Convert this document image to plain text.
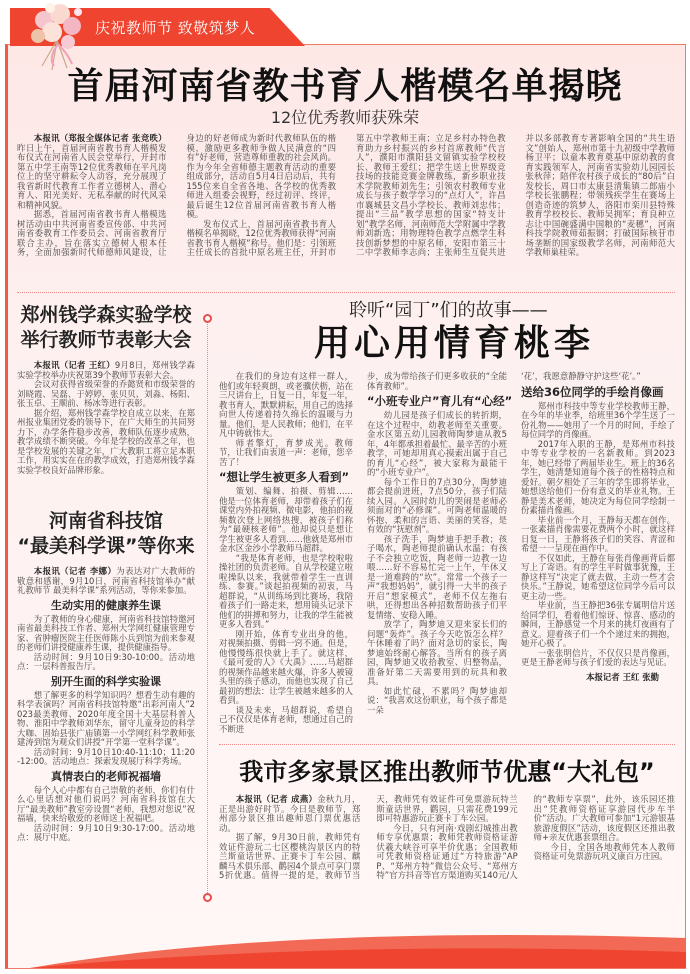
庆祝教师节 致敬筑梦人
首届河南省教书育人楷模名单揭晓
12位优秀教师获殊荣

本报讯（郑报全媒体记者 张竞昳）昨日上午，首届河南省教书育人楷模发布仪式在河南省人民会堂举行，开封市第五中学王南等12位优秀教师在平凡岗位上的坚守耕耘令人动容，充分展现了我省新时代教育工作者立德树人、潜心育人、阳光美好、无私奉献的时代风采和精神风貌。

据悉，首届河南省教书育人楷模选树活动由中共河南省委宣传部、中共河南省委教育工作委员会、河南省教育厅联合主办，旨在落实立德树人根本任务，全面加强新时代师德师风建设，让身边的好老师成为新时代教师队伍的楷模，激励更多教师争做人民满意的“四有”好老师，营造尊师重教的社会风尚。作为今年全省师德主题教育活动的重要组成部分，活动自5月4日启动后，共有155位来自全省各地、各学校的优秀教师进入组委会视野，经过初评、终评，最后诞生12位首届河南省教书育人楷模。

发布仪式上，首届河南省教书育人楷模名单揭晓，12位优秀教师获得“河南省教书育人楷模”称号。他们是：引领班主任成长的首批中原名班主任，开封市第五中学教师王南；立足乡村办特色教育助力乡村振兴的乡村首席教师“代言人”，濮阳市濮阳县文留镇实验学校校长、教师王爱红；把学生送上世界级竞技场的技能竞赛金牌教练，新乡职业技术学院教师刘先生；引领农村教师专业成长与孩子数学学习的“点灯人”，许昌市襄城县文昌小学校长、教师刘忠伟；提出“三品”教学思想的国家“特支计划”教学名师，河南师范大学附属中学教师刘新选；用物理特色教学点燃学生科技创新梦想的中原名师，安阳市第三十二中学教师李志尚；主张师生互促共进并以多部教育专著影响全国的“共生语文”创始人，郑州市第十九初级中学教师杨卫平；以童本教育奠基中原幼教的食育实践领军人，河南省实验幼儿园园长张秋萍；陪伴农村孩子成长的“80后”白发校长，周口市太康县清集镇二郎庙小学校长张鹏程；带领残疾学生在赛场上创造奇迹的筑梦人，洛阳市栾川县特殊教育学校校长、教师吴拥军；育良种立志让中国碗盛满中国粮的“麦穗”，河南科技学院教师茹振钢；打破国际核苷市场垄断的国家级教学名师，河南师范大学教师巢桂荣。

郑州钱学森实验学校
举行教师节表彰大会

本报讯（记者 王红）9月8日，郑州钱学森实验学校举办庆祝第39个教师节表彰大会。

会议对获得省级荣誉的乔懿贤和市级荣誉的刘晓霞、吴磊、于婷婷、张贝贝、刘淼、杨阳、张玉卓、王顺前、杨冰等进行表彰。

据介绍，郑州钱学森学校自成立以来，在郑州报业集团党委的领导下，在广大师生的共同努力下，办学条件稳步改善，教师队伍逐步成熟，教学成绩不断突破。今年是学校的改革之年，也是学校发展的关键之年，广大教职工将立足本职工作，用实实在在的教学成效，打造郑州钱学森实验学校良好品牌形象。

河南省科技馆
“最美科学课”等你来

本报讯（记者 李娜）为表达对广大教师的敬意和感谢，9月10日，河南省科技馆举办“献礼教师节 最美科学课”系列活动，等你来参加。

生动实用的健康养生课

为了教师的身心健康，河南省科技馆特邀河南省最美科技工作者、郑州大学网红健康管理专家、省肿瘤医院主任医师陈小兵到馆为前来参观的老师们讲授健康养生课，提供健康指导。

活动时间：9月10日9:30-10:00。活动地点：一层科普报告厅。

别开生面的科学实验课

想了解更多的科学知识吗？想看生动有趣的科学表演吗？河南省科技馆特邀“出彩河南人”2023最美教师、2020年度全国十大基层科普人物、淮阳中学教师刘华东，留守儿童身边的科学大咖、固始县张广庙镇第一小学网红科学教师张建涛到馆为观众们讲授“开学第一堂科学课”。

活动时间：9月10日10:40-11:10；11:20-12:00。活动地点：探索发现展厅科学秀场。

真情表白的老师祝福墙

每个人心中都有自己崇敬的老师，你们有什么心里话想对他们说吗？河南省科技馆在大厅“最美教师”教室旁设置“老师，我想对您说”祝福墙，快来给敬爱的老师送上祝福吧。

活动时间：9月10日9:30-17:00。活动地点：展厅中庭。

聆听“园丁”们的故事——
用心用情育桃李

在我们的身边有这样一群人，他们或年轻爽朗，或老骥伏枥，站在三尺讲台上，日复一日，年复一年，教书育人，默默耕耘，用自己的选择向世人传递着持久绵长的温暖与力量。他们，是人民教师；他们，在平凡中铸就伟大。

师者擎灯，育梦成光。教师节，让我们由衷道一声：老师，您辛苦了！

“想让学生被更多人看到”

策划、编舞、拍摄、剪辑……他是一位体育老师，却带着孩子们在课堂内外拍视频、微电影，他拍的视频数次登上网络热搜，被孩子们称为“最硬核老师”。他却说只是想让学生被更多人看到……他就是郑州市金水区金沙小学教师马超群。

“我是体育老师，也是学校啦啦操社团的负责老师。自从学校建立啦啦操队以来，我就带着学生一直训练、参赛。”谈起拍视频的初衷，马超群说，“从训练场到比赛场，我陪着孩子们一路走来，想用镜头记录下他们的拼搏和努力，让我的学生能被更多人看到。”

刚开始，体育专业出身的他，对视频拍摄、剪辑一窍不通。但是，他慢慢练很快就上手了。就这样，《最可爱的人》《大禹》……马超群的视频作品越来越火爆，许多人被镜头里的孩子感动，而他也实现了自己最初的想法：让学生被越来越多的人看到。

谈及未来，马超群说，希望自己不仅仅是体育老师，想通过自己的不断进

步，成为带给孩子们更多收获的“全能体育教师”。

“小班专业户”育儿有“心经”

幼儿园是孩子们成长的转折期，在这个过程中，幼教老师至关重要。金水区第五幼儿园教师陶梦迪从教5年，4年都承担着最忙、最辛苦的小班教学，可她却用真心摸索出属于自己的育儿“心经”，被大家称为最能干的“小班专业户”。

每个工作日的7点30分，陶梦迪都会提前进班，7点50分，孩子们陆续入园。入园时幼儿的哭闹是老师必须面对的“必修课”。可陶老师温暖的怀抱、柔和的言语、美丽的笑容，是有效的“抚慰剂”。

孩子洗手，陶梦迪手把手教；孩子喝水，陶老师提前确认水温；有孩子不会独立吃饭，陶老师一边教一边喂……好不容易忙完一上午，午休又是一道难跨的“坎”。常常一个孩子一声“我想妈妈”，就引得一大半的孩子开启“想家模式”，老师不仅左拖右哄，还得想出各种招数帮助孩子们平复情绪、安稳入睡。

放学了，陶梦迪又迎来家长们的问题“轰炸”。孩子今天吃饭怎么样？午休睡着了吗？面对急切的家长，陶梦迪始终耐心解答。当所有的孩子离园，陶梦迪又收拾教室、归整物品，准备好第二天需要用到的玩具和教具。

如此忙碌，不累吗？陶梦迪却说：“我喜欢这份职业，每个孩子都是一朵

‘花’，我愿意静静守护这些‘花’。”

送给36位同学的手绘肖像画

郑州市科技中等专业学校教师王静，在今年的毕业季，给班里36个学生送了一份礼物——她用了一个月的时间，手绘了每位同学的肖像画。

2017年入职的王静，是郑州市科技中等专业学校的一名新教师。到2023年，她已经带了两届毕业生。班上的36名学生，她清楚知道每个孩子的性格特点和爱好。朝夕相处了三年的学生即将毕业，她想送给他们一份有意义的毕业礼物。王静是美术老师，她决定为每位同学绘制一份素描肖像画。

毕业前一个月，王静每天都在创作。一张素描肖像需要花费两个小时，就这样日复一日，王静将孩子们的笑容、青涩和希望一一呈现在画作中。

不仅如此，王静在每张肖像画背后都写上了寄语。有的学生平时做事犹豫，王静这样写“决定了就去做，主动一些才会快乐。”王静说，她希望这位同学今后可以更主动一些。

毕业前，当王静把36张专属明信片送给同学们，看着他们惊讶、惊喜、感动的瞬间，王静感觉一个月来的挑灯夜画有了意义。迎着孩子们一个个递过来的拥抱，她开心极了。

一张张明信片，不仅仅只是肖像画，更是王静老师与孩子们爱的表达与见证。

本报记者 王红 张勤

我市多家景区推出教师节优惠“大礼包”

本报讯（记者 成燕）金秋九月，正是出游好时节。今日是教师节，郑州部分景区推出趣师恩门票优惠活动。

据了解，9月30日前，教师凭有效证件游玩二七区樱桃沟景区内的特兰斯童话世界、正赛卡丁车公园、麒麟马术俱乐部、鹳园4个景点可享门票5折优惠。值得一提的是，教师节当天，教师凭有效证件可免票游玩特兰斯童话世界，鹳园，只需花费199元即可特惠游玩正赛卡丁车公园。

今日，只有河南·戏剧幻城推出教师专享优惠票；教师凭教师资格证游伏羲大峡谷可享半价优惠；全国教师可凭教师资格证通过“方特旅游”APP、“郑州方特”微信公众号、“郑州方特”官方抖音等官方渠道购买140元/人的“教师专享票”，此外，该乐园还推出“凭教师资格证享游园代步车半价”活动。广大教师可参加“1元游银基旅游度假区”活动，该度假区还推出教师+亲友优惠套票组合。

今日，全国各地教师凭本人教师资格证可免票游玩巩义康百万庄园。
